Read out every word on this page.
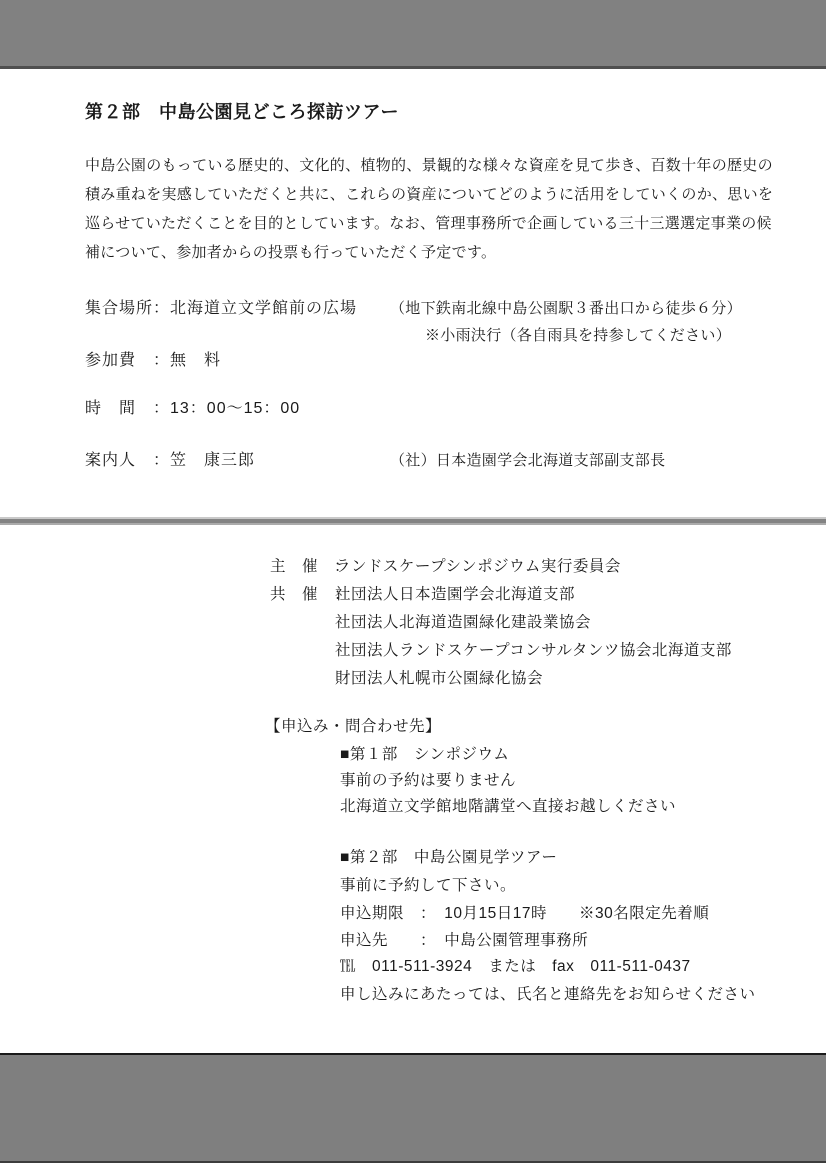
第２部　中島公園見どころ探訪ツアー
中島公園のもっている歴史的、文化的、植物的、景観的な様々な資産を見て歩き、百数十年の歴史の
積み重ねを実感していただくと共に、これらの資産についてどのように活用をしていくのか、思いを
巡らせていただくことを目的としています。なお、管理事務所で企画している三十三選選定事業の候
補について、参加者からの投票も行っていただく予定です。
集合場所： 北海道立文学館前の広場 （地下鉄南北線中島公園駅３番出口から徒歩６分）
※小雨決行（各自雨具を持参してください）
参加費　： 無　料
時　間　： 13：00～15：00
案内人　： 笠　康三郎	（社）日本造園学会北海道支部副支部長
主　催　：
ランドスケープシンポジウム実行委員会
共　催　：
社団法人日本造園学会北海道支部
社団法人北海道造園緑化建設業協会
社団法人ランドスケープコンサルタンツ協会北海道支部
財団法人札幌市公園緑化協会
【申込み・問合わせ先】
■第１部　シンポジウム
事前の予約は要りません
北海道立文学館地階講堂へ直接お越しください
■第２部　中島公園見学ツアー
事前に予約して下さい。
申込期限　：　10月15日17時　　※30名限定先着順
申込先　　：　中島公園管理事務所
℡　011-511-3924　または　fax　011-511-0437
申し込みにあたっては、氏名と連絡先をお知らせください
